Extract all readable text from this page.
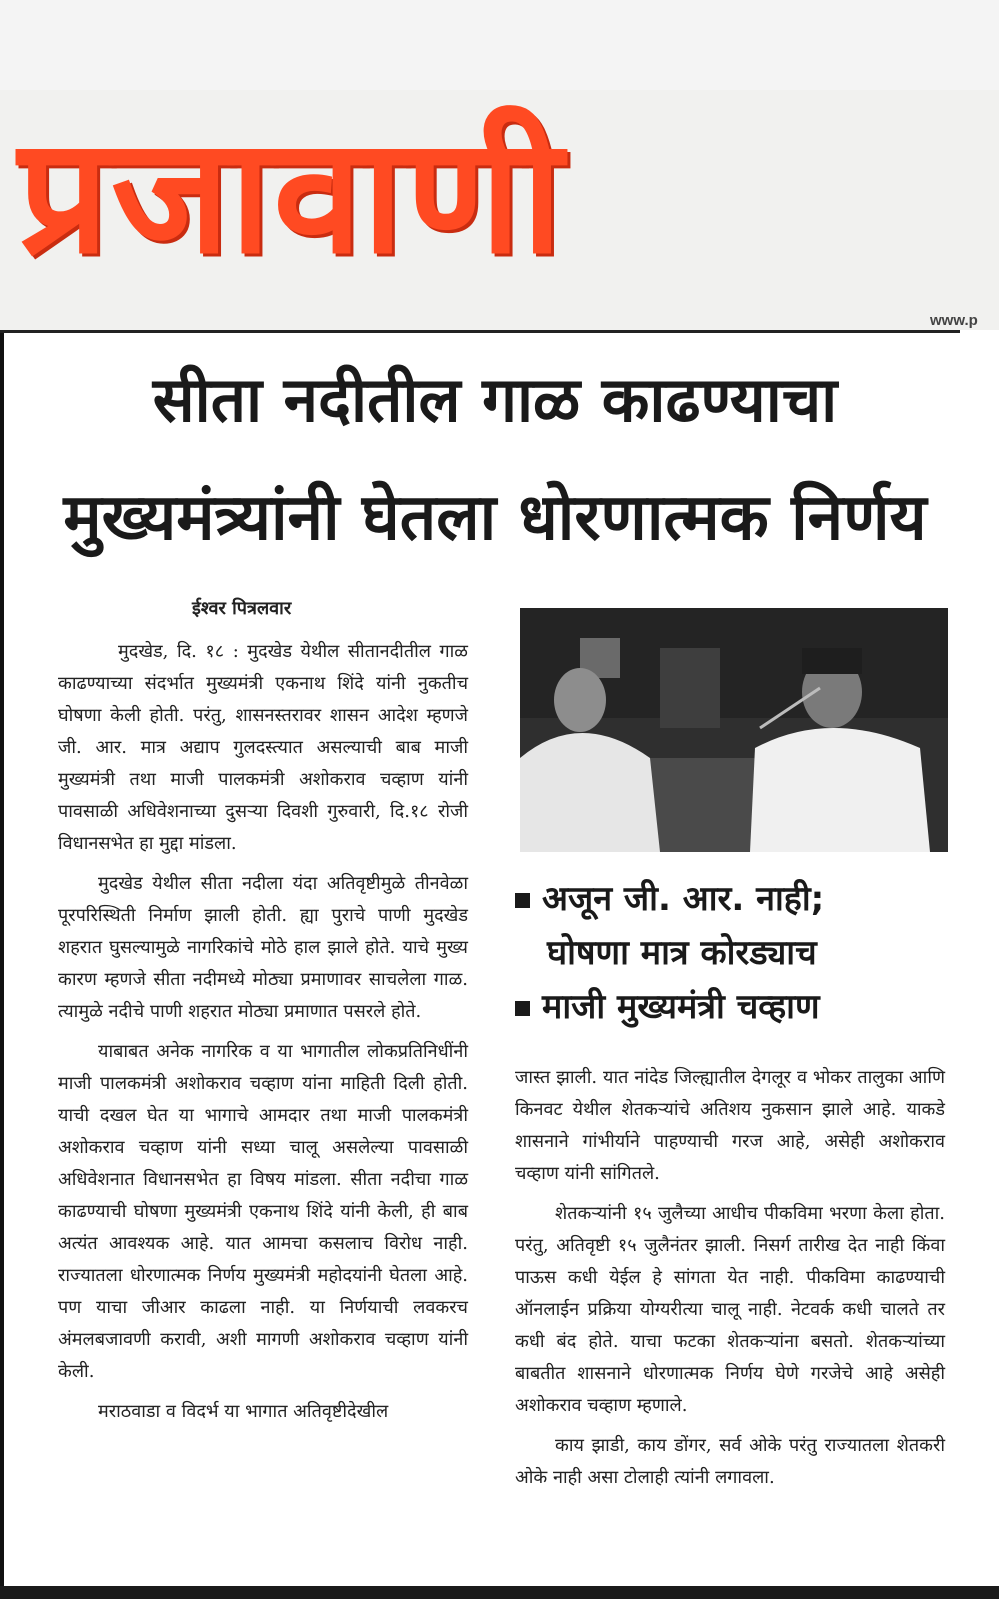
प्रजावाणी
www.p
सीता नदीतील गाळ काढण्याचा
मुख्यमंत्र्यांनी घेतला धोरणात्मक निर्णय
ईश्वर पित्रलवार

मुदखेड, दि. १८ : मुदखेड येथील सीतानदीतील गाळ काढण्याच्या संदर्भात मुख्यमंत्री एकनाथ शिंदे यांनी नुकतीच घोषणा केली होती. परंतु, शासनस्तरावर शासन आदेश म्हणजे जी. आर. मात्र अद्याप गुलदस्त्यात असल्याची बाब माजी मुख्यमंत्री तथा माजी पालकमंत्री अशोकराव चव्हाण यांनी पावसाळी अधिवेशनाच्या दुसऱ्या दिवशी गुरुवारी, दि.१८ रोजी विधानसभेत हा मुद्दा मांडला.

मुदखेड येथील सीता नदीला यंदा अतिवृष्टीमुळे तीनवेळा पूरपरिस्थिती निर्माण झाली होती. ह्या पुराचे पाणी मुदखेड शहरात घुसल्यामुळे नागरिकांचे मोठे हाल झाले होते. याचे मुख्य कारण म्हणजे सीता नदीमध्ये मोठ्या प्रमाणावर साचलेला गाळ. त्यामुळे नदीचे पाणी शहरात मोठ्या प्रमाणात पसरले होते.

याबाबत अनेक नागरिक व या भागातील लोकप्रतिनिधींनी माजी पालकमंत्री अशोकराव चव्हाण यांना माहिती दिली होती. याची दखल घेत या भागाचे आमदार तथा माजी पालकमंत्री अशोकराव चव्हाण यांनी सध्या चालू असलेल्या पावसाळी अधिवेशनात विधानसभेत हा विषय मांडला. सीता नदीचा गाळ काढण्याची घोषणा मुख्यमंत्री एकनाथ शिंदे यांनी केली, ही बाब अत्यंत आवश्यक आहे. यात आमचा कसलाच विरोध नाही. राज्यातला धोरणात्मक निर्णय मुख्यमंत्री महोदयांनी घेतला आहे. पण याचा जीआर काढला नाही. या निर्णयाची लवकरच अंमलबजावणी करावी, अशी मागणी अशोकराव चव्हाण यांनी केली.

मराठवाडा व विदर्भ या भागात अतिवृष्टीदेखील

अजून जी. आर. नाही;
घोषणा मात्र कोरड्याच
माजी मुख्यमंत्री चव्हाण

जास्त झाली. यात नांदेड जिल्ह्यातील देगलूर व भोकर तालुका आणि किनवट येथील शेतकऱ्यांचे अतिशय नुकसान झाले आहे. याकडे शासनाने गांभीर्याने पाहण्याची गरज आहे, असेही अशोकराव चव्हाण यांनी सांगितले.

शेतकऱ्यांनी १५ जुलैच्या आधीच पीकविमा भरणा केला होता. परंतु, अतिवृष्टी १५ जुलैनंतर झाली. निसर्ग तारीख देत नाही किंवा पाऊस कधी येईल हे सांगता येत नाही. पीकविमा काढण्याची ऑनलाईन प्रक्रिया योग्यरीत्या चालू नाही. नेटवर्क कधी चालते तर कधी बंद होते. याचा फटका शेतकऱ्यांना बसतो. शेतकऱ्यांच्या बाबतीत शासनाने धोरणात्मक निर्णय घेणे गरजेचे आहे असेही अशोकराव चव्हाण म्हणाले.

काय झाडी, काय डोंगर, सर्व ओके परंतु राज्यातला शेतकरी ओके नाही असा टोलाही त्यांनी लगावला.
